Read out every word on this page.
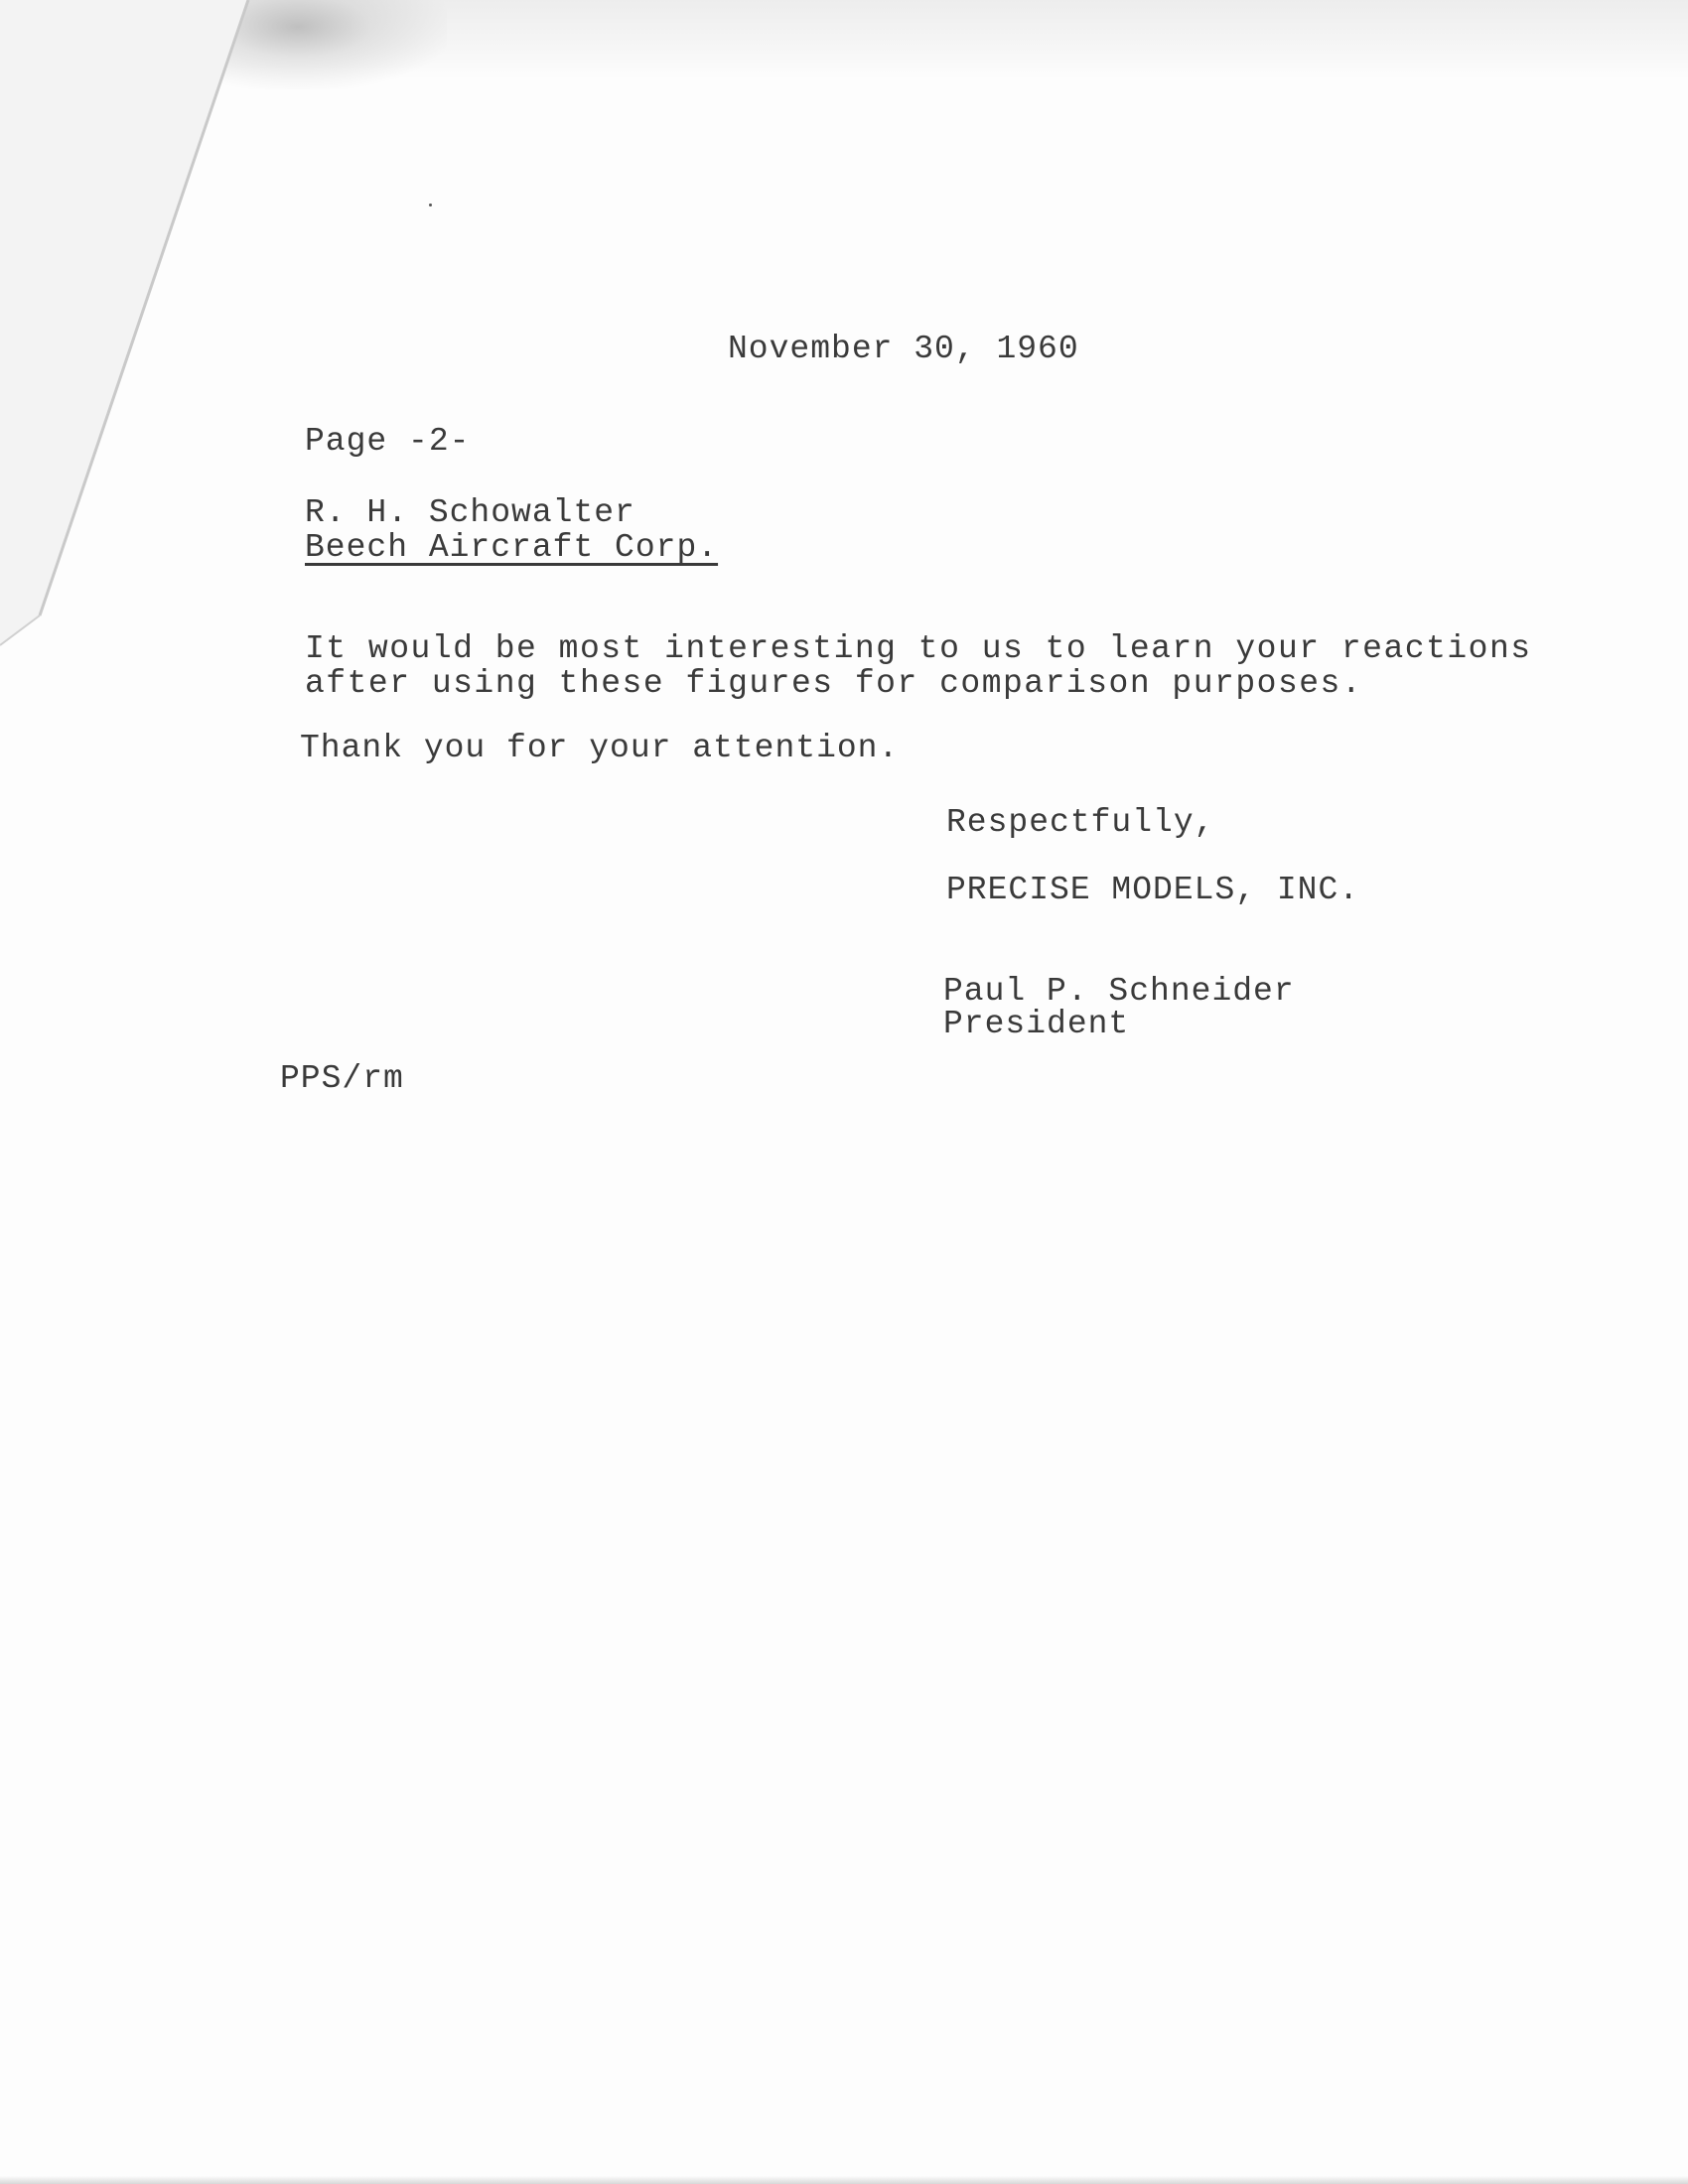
November 30, 1960
Page -2-
R. H. Schowalter
Beech Aircraft Corp.
It would be most interesting to us to learn your reactions
after using these figures for comparison purposes.
Thank you for your attention.
Respectfully,
PRECISE MODELS, INC.
Paul P. Schneider
President
PPS/rm
